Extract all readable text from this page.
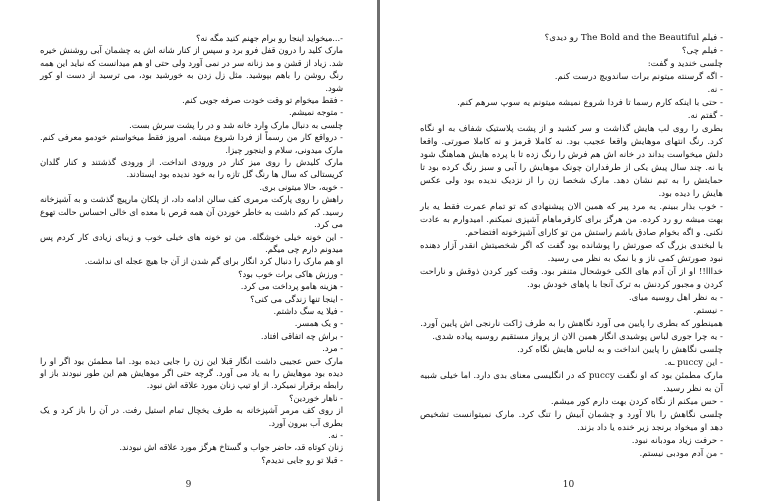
-...میخواید اینجا رو برام جهنم کنید مگه نه؟

مارک کلید را درون قفل فرو برد و سپس از کنار شانه اش به چشمان آبی روشنش خیره شد. زیاد از قشن و مد زنانه سر در نمی آورد ولی حتی او هم میدانست که نباید این همه رنگ روشن را باهم بپوشید. مثل زل زدن به خورشید بود، می ترسید از دست او کور شود.

- فقط میخوام تو وقت خودت صرفه جویی کنم.

- متوجه نمیشم.

چلسی به دنبال مارک وارد خانه شد و در را پشت سرش بست.

- درواقع کار من رسماً از فردا شروع میشه. امروز فقط میخواستم خودمو معرفی کنم. مارک میدونی، سلام و اینجور چیزا.

مارک کلیدش را روی میز کنار در ورودی انداخت. از ورودی گذشتند و کنار گلدان کریستالی که سال ها رنگ گل تازه را به خود ندیده بود ایستادند.

- خوبه، حالا میتونی بری.

راهش را روی پارکت مرمری کف سالن ادامه داد، از پلکان مارپیچ گذشت و به آشپزخانه رسید. کم کم داشت به خاطر خوردن آن همه قرص با معده ای خالی احساس حالت تهوع می کرد.

- این خونه خیلی خوشگله. من تو خونه های خیلی خوب و زیبای زیادی کار کردم پس میدونم دارم چی میگم.

او هم مارک را دنبال کرد انگار برای گم شدن از آن جا هیچ عجله ای نداشت.

- ورزش هاکی برات خوب بود؟

- هزینه هامو پرداخت می کرد.

- اینجا تنها زندگی می کنی؟

- فیلا یه سگ داشتم.

- و یک همسر.

- براش چه اتفاقی افتاد.

- مرد.

مارک حس عجیبی داشت انگار قبلا این زن را جایی دیده بود. اما مطمئن بود اگر او را دیده بود موهایش را به یاد می آورد. گرچه حتی اگر موهایش هم این طور نبودند باز او رابطه برقرار نمیکرد. از او تیپ زنان مورد علاقه اش نبود.

- ناهار خوردین؟

از روی کف مرمر آشپزخانه به طرف یخچال تمام استیل رفت. در آن را باز کرد و یک بطری آب بیرون آورد.

- نه.

زنان کوتاه قد، حاضر جواب و گستاخ هرگز مورد علاقه اش نبودند.

- قبلا تو رو جایی ندیدم؟

9

- فیلم The Bold and the Beautiful رو دیدی؟

- فیلم چی؟

چلسی خندید و گفت:

- اگه گرسنته میتونم برات ساندویچ درست کنم.

- نه.

- حتی با اینکه کارم رسما تا فردا شروع نمیشه میتونم یه سوپ سرهم کنم.

- گفتم نه.

بطری را روی لب هایش گذاشت و سر کشید و از پشت پلاستیک شفاف به او نگاه کرد. رنگ انتهای موهایش واقعا عجیب بود. نه کاملا قرمز و نه کاملا صورتی. واقعا دلش میخواست بداند در خانه اش هم فرش را رنگ زده تا با پرده هایش هماهنگ شود یا نه. چند سال پیش یکی از طرفداران چونک موهایش را آبی و سبز رنگ کرده بود تا حمایتش را به تیم نشان دهد. مارک شخصا زن را از نزدیک ندیده بود ولی عکس هایش را دیده بود.

- خوب بذار ببینم. یه مرد پیر که همین الان پیشنهادی که تو تمام عمرت فقط یه بار بهت میشه رو رد کرده. من هرگز برای کارفرماهام آشپزی نمیکنم. امیدوارم به عادت نکنی. و اگه بخوام صادق باشم راستش من تو کارای آشپزخونه افتضاحم.

با لبخندی بزرگ که صورتش را پوشانده بود گفت که اگر شخصیتش انقدر آزار دهنده نبود صورتش کمی ناز و با نمک به نظر می رسید.

خدااا!! او از آن آدم های الکی خوشحال متنفر بود. وقت کور کردن ذوقش و ناراحت کردن و مجبور کردنش به ترک آنجا با پاهای خودش بود.

- به نظر اهل روسیه میای.

- نیستم.

همینطور که بطری را پایین می آورد نگاهش را به طرف ژاکت نارنجی اش پایین آورد.

- یه چرا جوری لباس پوشیدی انگار همین الان از پرواز مستقیم روسیه پیاده شدی.

چلسی نگاهش را پایین انداخت و به لباس هایش نگاه کرد.

- این puccy ـه.

مارک مطمئن بود که او نگفت puccy که در انگلیسی معنای بدی دارد. اما خیلی شبیه آن به نظر رسید.

- حس میکنم از نگاه کردن بهت دارم کور میشم.

چلسی نگاهش را بالا آورد و چشمان آبیش را تنگ کرد. مارک نمیتوانست تشخیص دهد او میخواد برنجد زیر خنده یا داد بزند.

- حرفت زیاد مودبانه نبود.

- من آدم مودبی نیستم.

10
